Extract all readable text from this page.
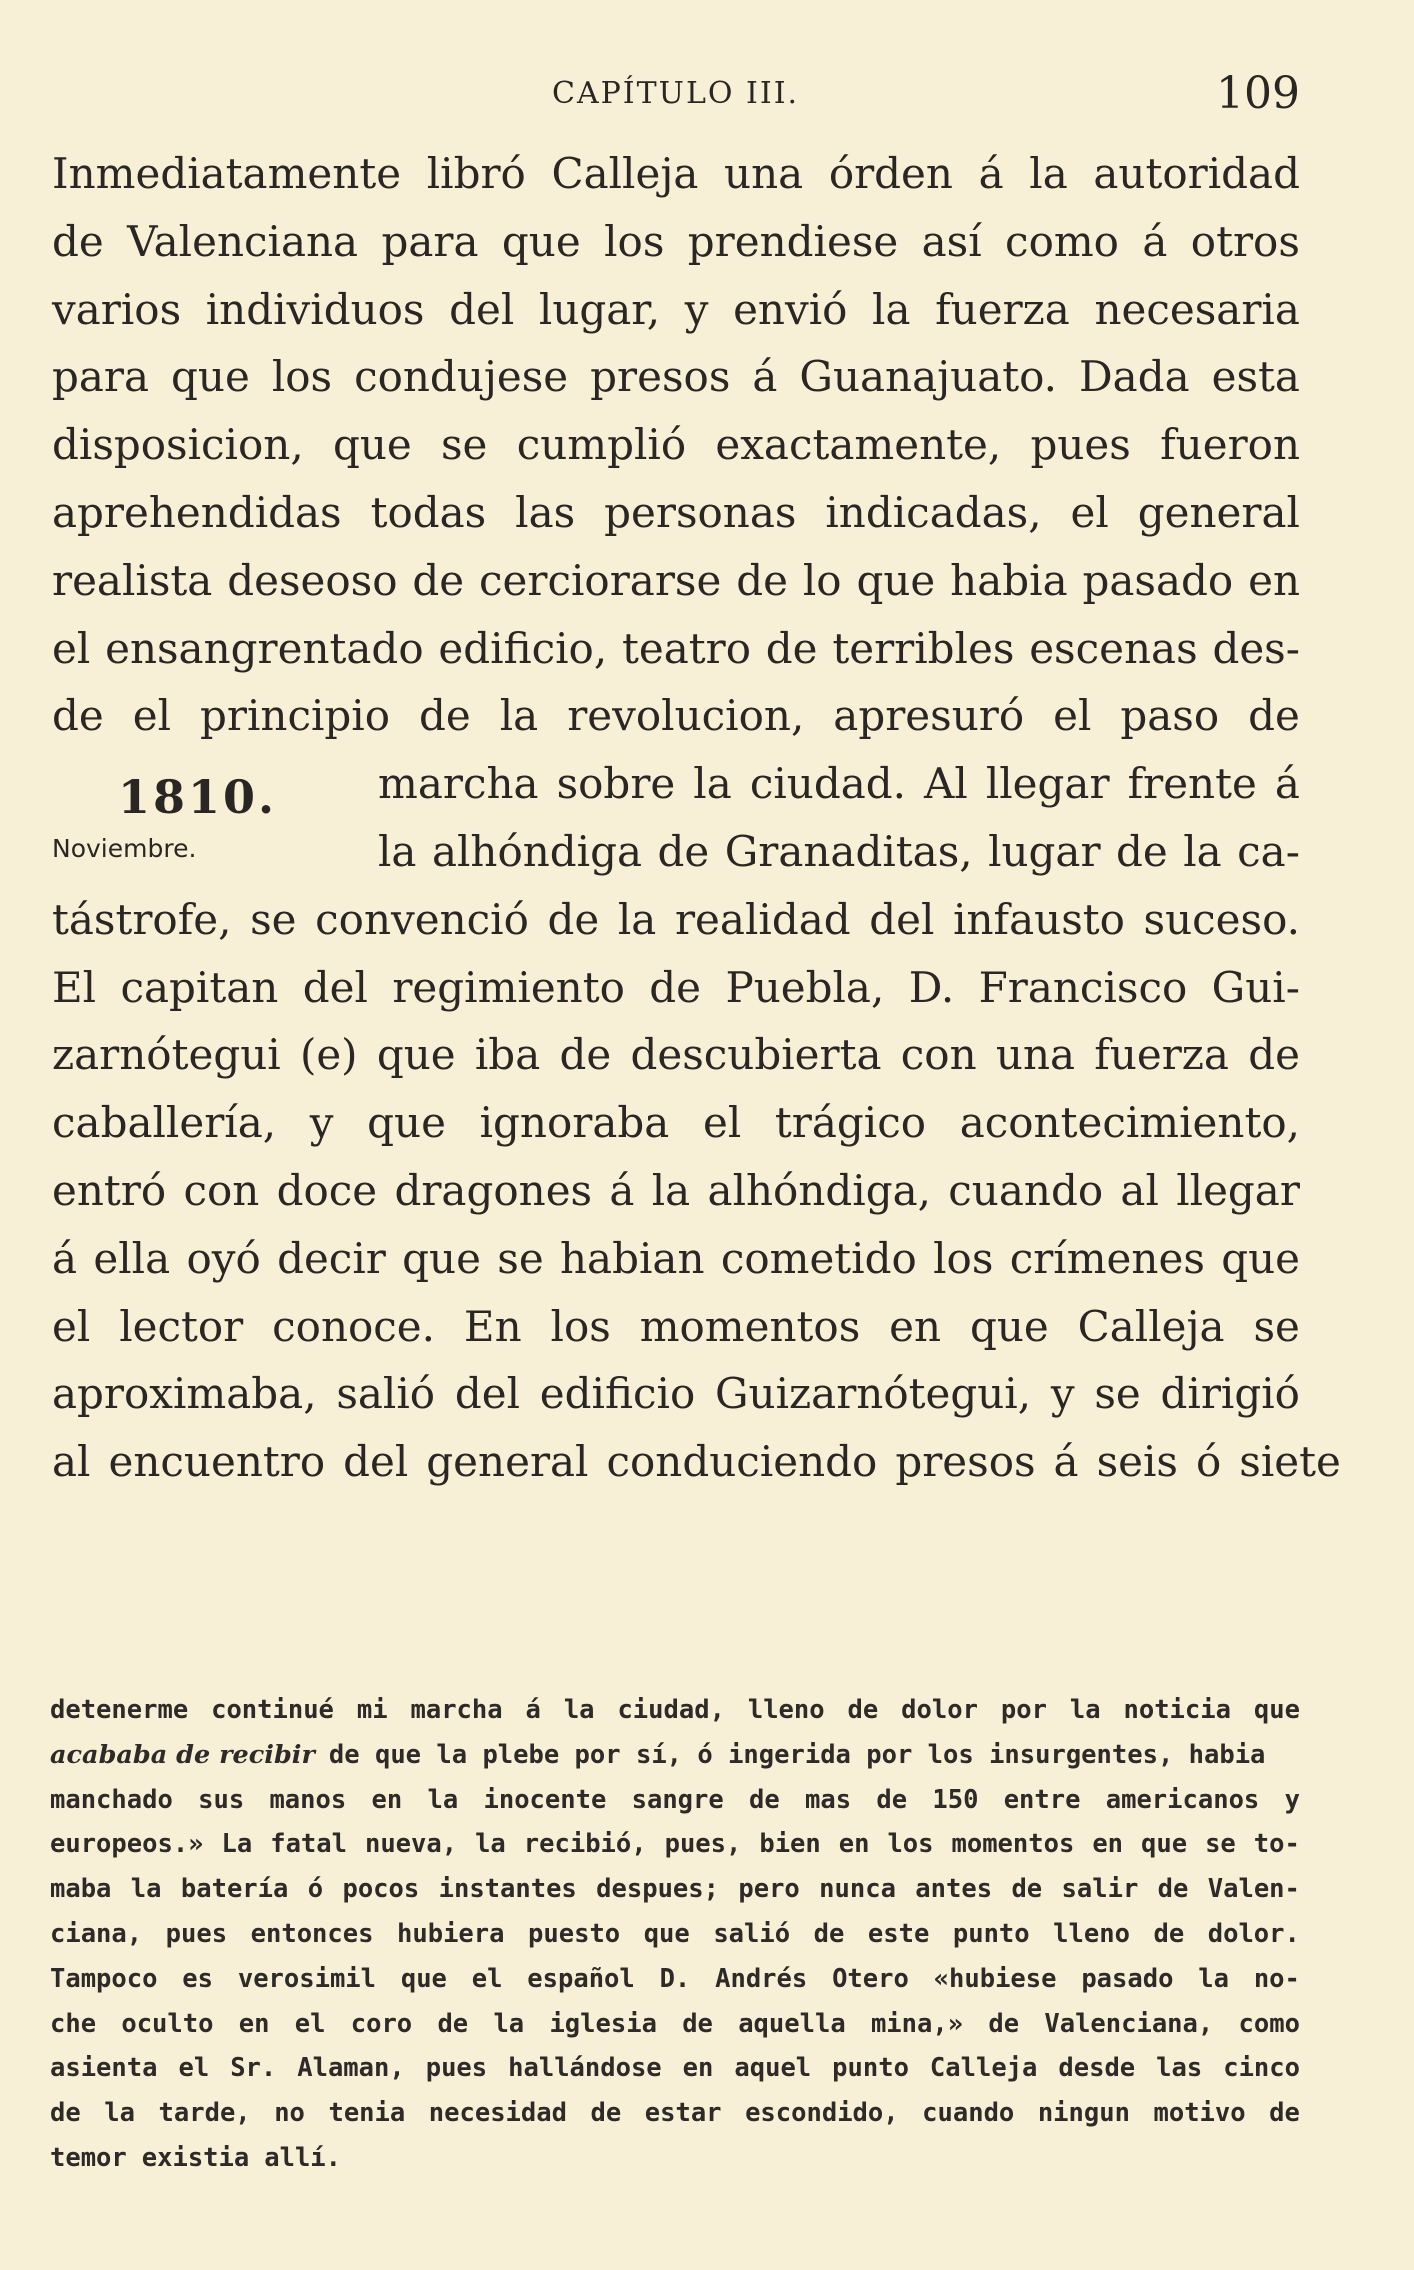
CAPÍTULO III.	109
Inmediatamente libró Calleja una órden á la autoridad
de Valenciana para que los prendiese así como á otros
varios individuos del lugar, y envió la fuerza necesaria
para que los condujese presos á Guanajuato. Dada esta
disposicion, que se cumplió exactamente, pues fueron
aprehendidas todas las personas indicadas, el general
realista deseoso de cerciorarse de lo que habia pasado en
el ensangrentado edificio, teatro de terribles escenas des-
de el principio de la revolucion, apresuró el paso de
marcha sobre la ciudad. Al llegar frente á
la alhóndiga de Granaditas, lugar de la ca-
tástrofe, se convenció de la realidad del infausto suceso.
El capitan del regimiento de Puebla, D. Francisco Gui-
zarnótegui (e) que iba de descubierta con una fuerza de
caballería, y que ignoraba el trágico acontecimiento,
entró con doce dragones á la alhóndiga, cuando al llegar
á ella oyó decir que se habian cometido los crímenes que
el lector conoce. En los momentos en que Calleja se
aproximaba, salió del edificio Guizarnótegui, y se dirigió
al encuentro del general conduciendo presos á seis ó siete
1810.
Noviembre.
detenerme continué mi marcha á la ciudad, lleno de dolor por la noticia que
acababa de recibir de que la plebe por sí, ó ingerida por los insurgentes, habia
manchado sus manos en la inocente sangre de mas de 150 entre americanos y
europeos.» La fatal nueva, la recibió, pues, bien en los momentos en que se to-
maba la batería ó pocos instantes despues; pero nunca antes de salir de Valen-
ciana, pues entonces hubiera puesto que salió de este punto lleno de dolor.
Tampoco es verosimil que el español D. Andrés Otero «hubiese pasado la no-
che oculto en el coro de la iglesia de aquella mina,» de Valenciana, como
asienta el Sr. Alaman, pues hallándose en aquel punto Calleja desde las cinco
de la tarde, no tenia necesidad de estar escondido, cuando ningun motivo de
temor existia allí.
